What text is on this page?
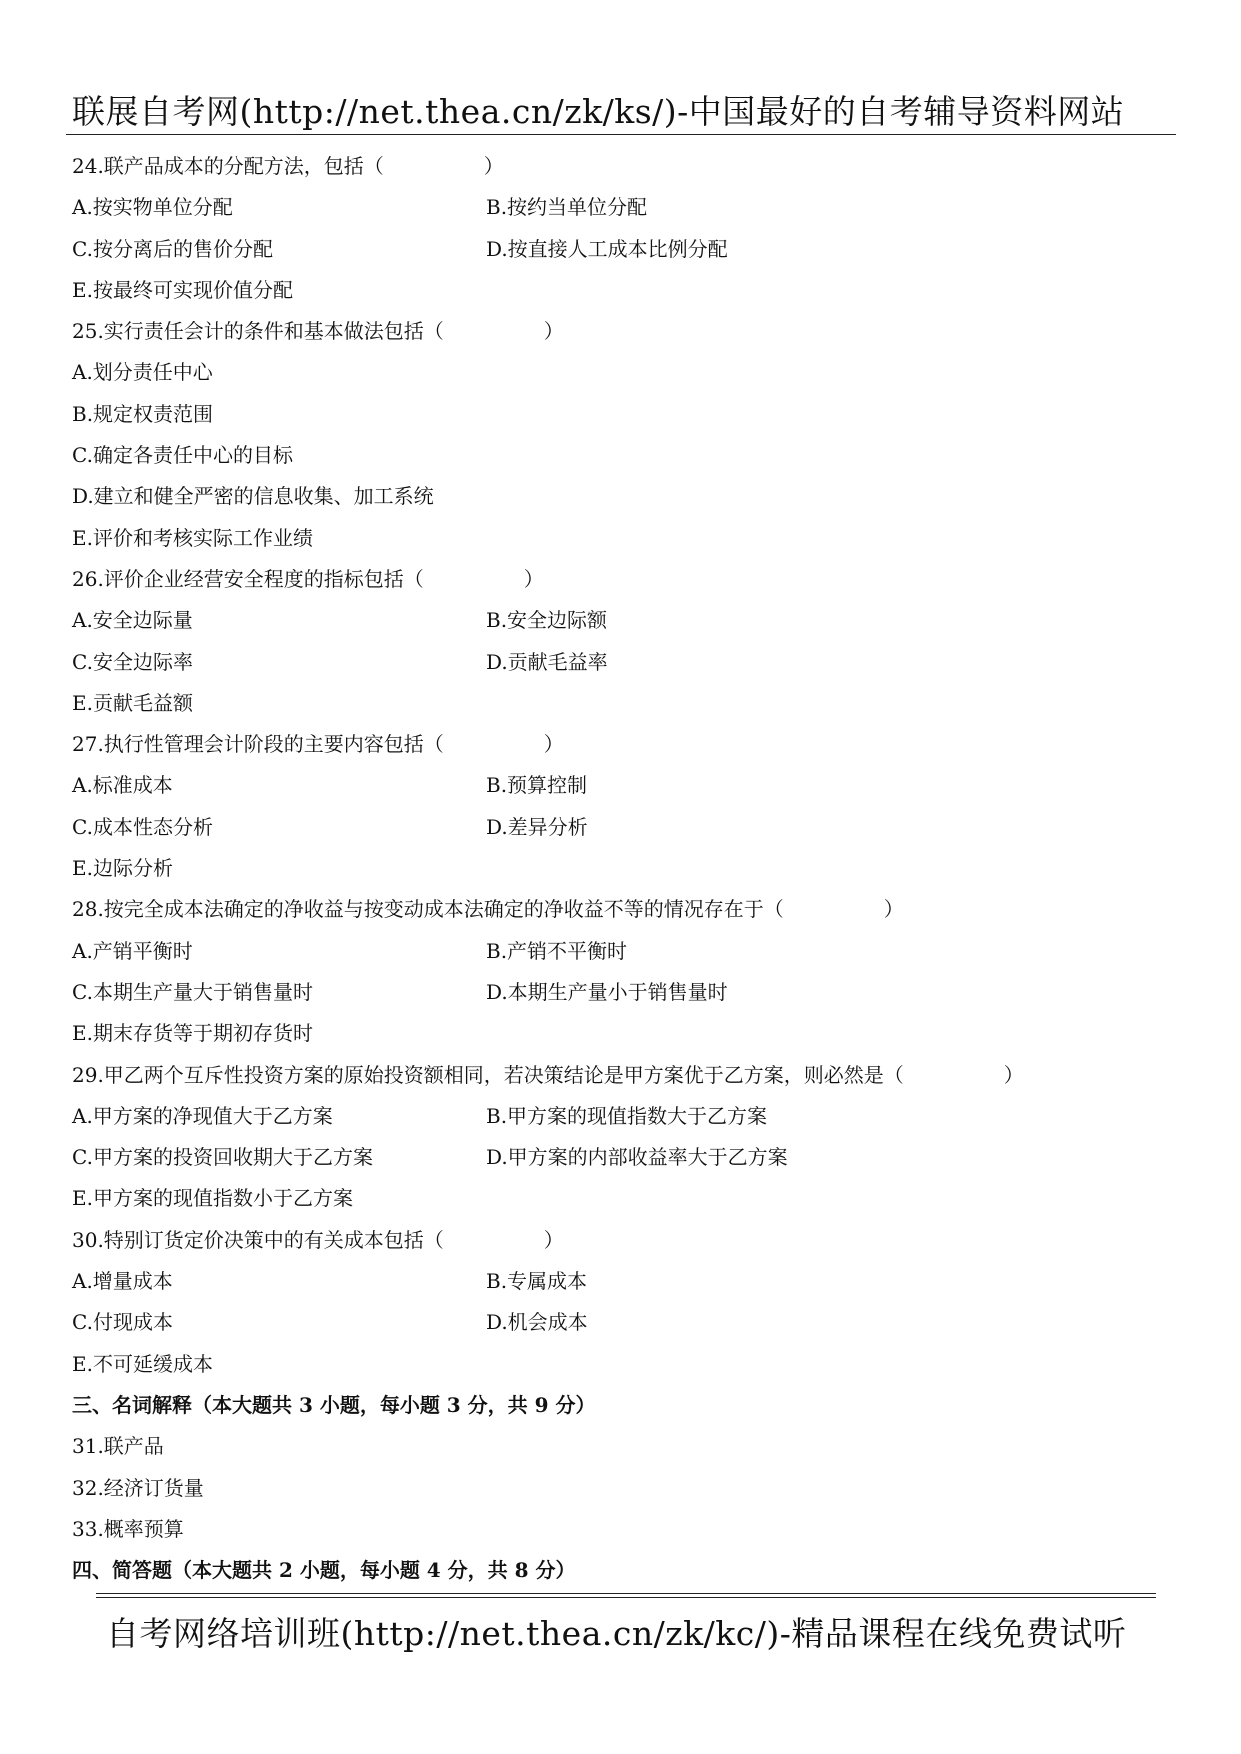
联展自考网(http://net.thea.cn/zk/ks/)-中国最好的自考辅导资料网站
24.联产品成本的分配方法，包括（　　　　　）
A.按实物单位分配	B.按约当单位分配
C.按分离后的售价分配	D.按直接人工成本比例分配
E.按最终可实现价值分配
25.实行责任会计的条件和基本做法包括（　　　　　）
A.划分责任中心
B.规定权责范围
C.确定各责任中心的目标
D.建立和健全严密的信息收集、加工系统
E.评价和考核实际工作业绩
26.评价企业经营安全程度的指标包括（　　　　　）
A.安全边际量	B.安全边际额
C.安全边际率	D.贡献毛益率
E.贡献毛益额
27.执行性管理会计阶段的主要内容包括（　　　　　）
A.标准成本	B.预算控制
C.成本性态分析	D.差异分析
E.边际分析
28.按完全成本法确定的净收益与按变动成本法确定的净收益不等的情况存在于（　　　　　）
A.产销平衡时	B.产销不平衡时
C.本期生产量大于销售量时	D.本期生产量小于销售量时
E.期末存货等于期初存货时
29.甲乙两个互斥性投资方案的原始投资额相同，若决策结论是甲方案优于乙方案，则必然是（　　　　　）
A.甲方案的净现值大于乙方案	B.甲方案的现值指数大于乙方案
C.甲方案的投资回收期大于乙方案	D.甲方案的内部收益率大于乙方案
E.甲方案的现值指数小于乙方案
30.特别订货定价决策中的有关成本包括（　　　　　）
A.增量成本	B.专属成本
C.付现成本	D.机会成本
E.不可延缓成本
三、名词解释（本大题共 3 小题，每小题 3 分，共 9 分）
31.联产品
32.经济订货量
33.概率预算
四、简答题（本大题共 2 小题，每小题 4 分，共 8 分）
自考网络培训班(http://net.thea.cn/zk/kc/)-精品课程在线免费试听
